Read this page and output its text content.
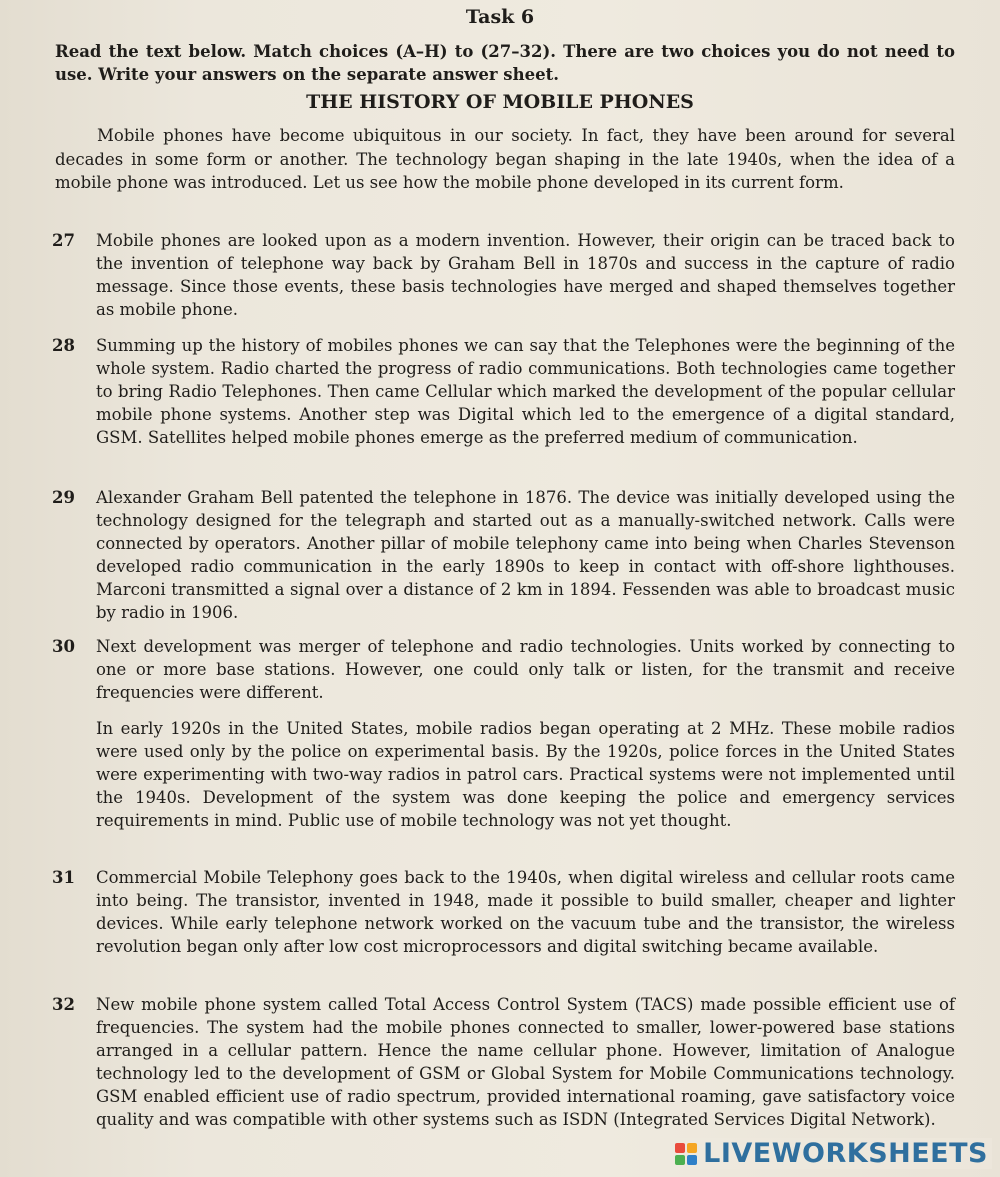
Task 6
Read the text below. Match choices (A–H) to (27–32). There are two choices you do not need to use. Write your answers on the separate answer sheet.
THE HISTORY OF MOBILE PHONES
Mobile phones have become ubiquitous in our society. In fact, they have been around for several decades in some form or another. The technology began shaping in the late 1940s, when the idea of a mobile phone was introduced. Let us see how the mobile phone developed in its current form.
27	Mobile phones are looked upon as a modern invention. However, their origin can be traced back to the invention of telephone way back by Graham Bell in 1870s and success in the capture of radio message. Since those events, these basis technologies have merged and shaped themselves together as mobile phone.
28	Summing up the history of mobiles phones we can say that the Telephones were the beginning of the whole system. Radio charted the progress of radio communications. Both technologies came together to bring Radio Telephones. Then came Cellular which marked the development of the popular cellular mobile phone systems. Another step was Digital which led to the emergence of a digital standard, GSM. Satellites helped mobile phones emerge as the preferred medium of communication.
29	Alexander Graham Bell patented the telephone in 1876. The device was initially developed using the technology designed for the telegraph and started out as a manually-switched network. Calls were connected by operators. Another pillar of mobile telephony came into being when Charles Stevenson developed radio communication in the early 1890s to keep in contact with off-shore lighthouses. Marconi transmitted a signal over a distance of 2 km in 1894. Fessenden was able to broadcast music by radio in 1906.
30	Next development was merger of telephone and radio technologies. Units worked by connecting to one or more base stations. However, one could only talk or listen, for the transmit and receive frequencies were different.
In early 1920s in the United States, mobile radios began operating at 2 MHz. These mobile radios were used only by the police on experimental basis. By the 1920s, police forces in the United States were experimenting with two-way radios in patrol cars. Practical systems were not implemented until the 1940s. Development of the system was done keeping the police and emergency services requirements in mind. Public use of mobile technology was not yet thought.
31	Commercial Mobile Telephony goes back to the 1940s, when digital wireless and cellular roots came into being. The transistor, invented in 1948, made it possible to build smaller, cheaper and lighter devices. While early telephone network worked on the vacuum tube and the transistor, the wireless revolution began only after low cost microprocessors and digital switching became available.
32	New mobile phone system called Total Access Control System (TACS) made possible efficient use of frequencies. The system had the mobile phones connected to smaller, lower-powered base stations arranged in a cellular pattern. Hence the name cellular phone. However, limitation of Analogue technology led to the development of GSM or Global System for Mobile Communications technology. GSM enabled efficient use of radio spectrum, provided international roaming, gave satisfactory voice quality and was compatible with other systems such as ISDN (Integrated Services Digital Network).
LIVEWORKSHEETS
